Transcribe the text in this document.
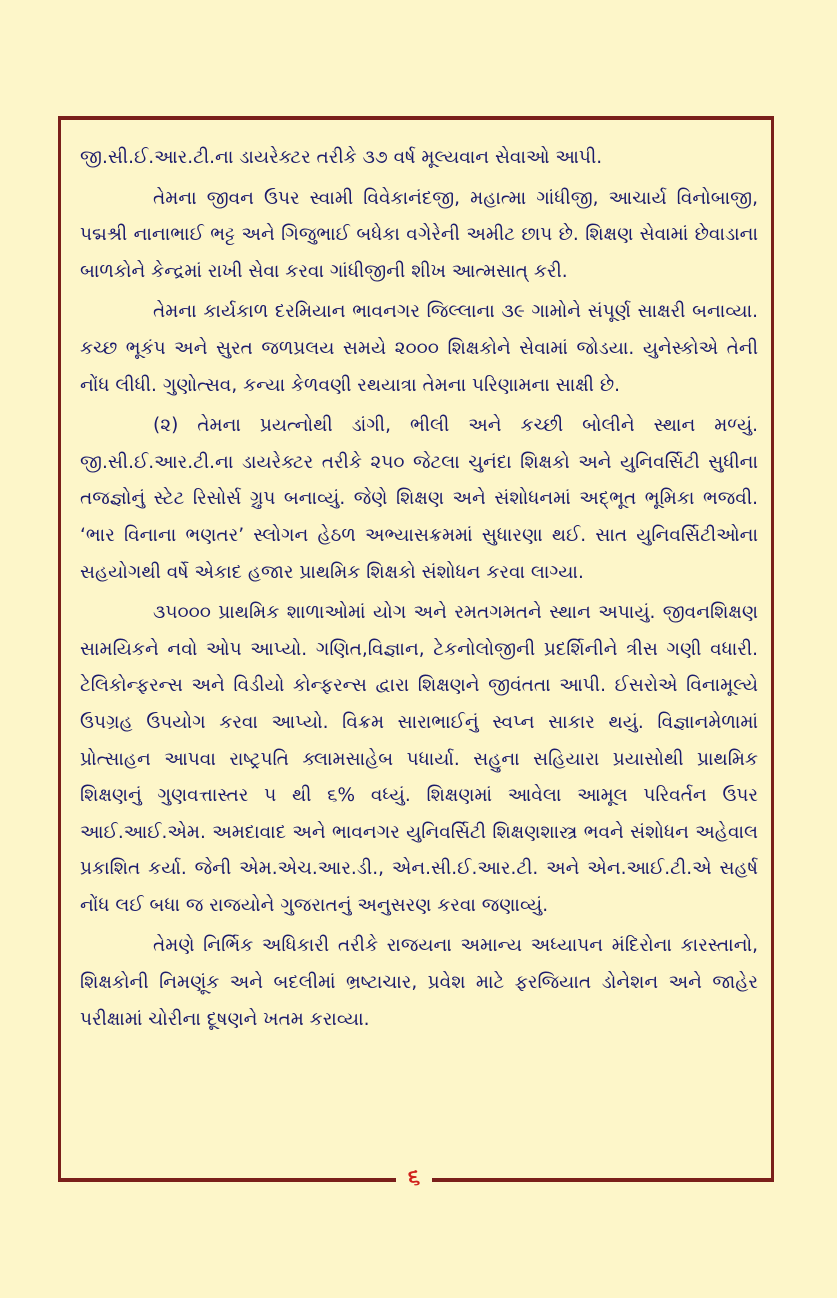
જી.સી.ઈ.આર.ટી.ના ડાયરેક્ટર તરીકે ૩૭ વર્ષ મૂલ્યવાન સેવાઓ આપી.

તેમના જીવન ઉપર સ્વામી વિવેકાનંદજી, મહાત્મા ગાંધીજી, આચાર્ય વિનોબાજી, પદ્મશ્રી નાનાભાઈ ભટ્ટ અને ગિજુભાઈ બધેકા વગેરેની અમીટ છાપ છે. શિક્ષણ સેવામાં છેવાડાના બાળકોને કેન્દ્રમાં રાખી સેવા કરવા ગાંધીજીની શીખ આત્મસાત્ કરી.

તેમના કાર્યકાળ દરમિયાન ભાવનગર જિલ્લાના ૩૯ ગામોને સંપૂર્ણ સાક્ષરી બનાવ્યા. કચ્છ ભૂકંપ અને સુરત જળપ્રલય સમયે ૨૦૦૦ શિક્ષકોને સેવામાં જોડયા. યુનેસ્કોએ તેની નોંધ લીધી. ગુણોત્સવ, કન્યા કેળવણી રથયાત્રા તેમના પરિણામના સાક્ષી છે.

(૨) તેમના પ્રયત્નોથી ડાંગી, ભીલી અને કચ્છી બોલીને સ્થાન મળ્યું. જી.સી.ઈ.આર.ટી.ના ડાયરેક્ટર તરીકે ૨૫૦ જેટલા ચુનંદા શિક્ષકો અને યુનિવર્સિટી સુધીના તજજ્ઞોનું સ્ટેટ રિસોર્સ ગ્રુપ બનાવ્યું. જેણે શિક્ષણ અને સંશોધનમાં અદ્ભૂત ભૂમિકા ભજવી. ‘ભાર વિનાના ભણતર’ સ્લોગન હેઠળ અભ્યાસક્રમમાં સુધારણા થઈ. સાત યુનિવર્સિટીઓના સહયોગથી વર્ષે એકાદ હજાર પ્રાથમિક શિક્ષકો સંશોધન કરવા લાગ્યા.

૩૫૦૦૦ પ્રાથમિક શાળાઓમાં યોગ અને રમતગમતને સ્થાન અપાયું. જીવનશિક્ષણ સામયિકને નવો ઓપ આપ્યો. ગણિત,વિજ્ઞાન, ટેકનોલોજીની પ્રદર્શિનીને ત્રીસ ગણી વધારી. ટેલિકોન્ફરન્સ અને વિડીયો કોન્ફરન્સ દ્વારા શિક્ષણને જીવંતતા આપી. ઈસરોએ વિનામૂલ્યે ઉપગ્રહ ઉપયોગ કરવા આપ્યો. વિક્રમ સારાભાઈનું સ્વપ્ન સાકાર થયું. વિજ્ઞાનમેળામાં પ્રોત્સાહન આપવા રાષ્ટ્રપતિ ક્લામસાહેબ પધાર્યા. સહુના સહિયારા પ્રયાસોથી પ્રાથમિક શિક્ષણનું ગુણવત્તાસ્તર ૫ થી ૬% વધ્યું. શિક્ષણમાં આવેલા આમૂલ પરિવર્તન ઉપર આઈ.આઈ.એમ. અમદાવાદ અને ભાવનગર યુનિવર્સિટી શિક્ષણશાસ્ત્ર ભવને સંશોધન અહેવાલ પ્રકાશિત કર્યા. જેની એમ.એચ.આર.ડી., એન.સી.ઈ.આર.ટી. અને એન.આઈ.ટી.એ સહર્ષ નોંધ લઈ બધા જ રાજયોને ગુજરાતનું અનુસરણ કરવા જણાવ્યું.

તેમણે નિર્ભિક અધિકારી તરીકે રાજયના અમાન્ય અધ્યાપન મંદિરોના કારસ્તાનો, શિક્ષકોની નિમણૂંક અને બદલીમાં ભ્રષ્ટાચાર, પ્રવેશ માટે ફરજિયાત ડોનેશન અને જાહેર પરીક્ષામાં ચોરીના દૂષણને ખતમ કરાવ્યા.

૬
